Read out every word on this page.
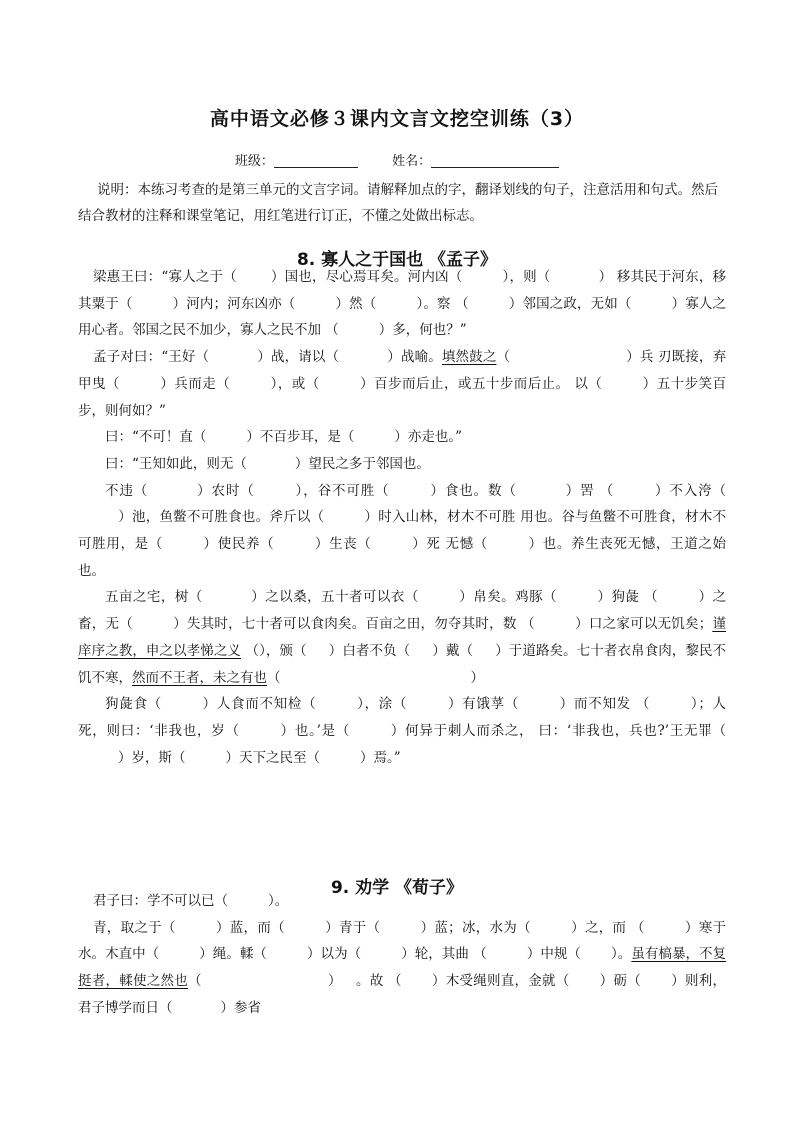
高中语文必修３课内文言文挖空训练（3）
班级：	姓名：
说明：本练习考查的是第三单元的文言字词。请解释加点的字，翻译划线的句子，注意活用和句式。然后结合教材的注释和课堂笔记，用红笔进行订正，不懂之处做出标志。
8. 寡人之于国也 《孟子》
梁惠王曰：“寡人之于（	）国也，尽心焉耳矣。河内凶（	），则（	） 移其民于河东，移其粟于（	）河内；河东凶亦（	）然（	）。察 （	）邻国之政，无如（	）寡人之用心者。邻国之民不加少，寡人之民不加 （	）多，何也？”
孟子对曰：“王好（	）战，请以（	）战喻。填然鼓之（	）兵 刃既接，弃甲曳（	）兵而走（	），或（	）百步而后止，或五十步而后止。 以（	）五十步笑百步，则何如？”
曰：“不可！直（	）不百步耳，是（	）亦走也。”
曰：“王知如此，则无（	）望民之多于邻国也。
不违（	）农时（	），谷不可胜（	）食也。数（	）罟 （	）不入洿（）池，鱼鳖不可胜食也。斧斤以（	）时入山林，材木不可胜 用也。谷与鱼鳖不可胜食，材木不可胜用，是（	）使民养（	）生丧（	）死 无憾（	）也。养生丧死无憾，王道之始也。
五亩之宅，树（	）之以桑，五十者可以衣（	）帛矣。鸡豚（	）狗彘 （	）之畜，无（	）失其时，七十者可以食肉矣。百亩之田，勿夺其时，数 （	）口之家可以无饥矣；谨庠序之教，申之以孝悌之义 （），颁（ ）白者不负（ ）戴（ ）于道路矣。七十者衣帛食肉，黎民不饥不寒，然而不王者，未之有也（	）
狗彘食（	）人食而不知检（	），涂（	）有饿莩（	）而不知发 （	）；人死，则曰：‘非我也，岁（	）也。’是（	）何异于刺人而杀之， 曰：‘非我也，兵也?’王无罪（）岁，斯（	）天下之民至（	）焉。”
9. 劝学 《荀子》
君子曰：学不可以已（	）。
青，取之于（	）蓝，而（	）青于（	）蓝；冰，水为（	）之，而 （	）寒于水。木直中（	）绳。輮（	）以为（	）轮，其曲 （	）中规（ ）。虽有槁暴，不复挺者，輮使之然也（	） 。故 （ ）木受绳则直，金就（ ）砺（ ）则利，君子博学而日（	）参省
